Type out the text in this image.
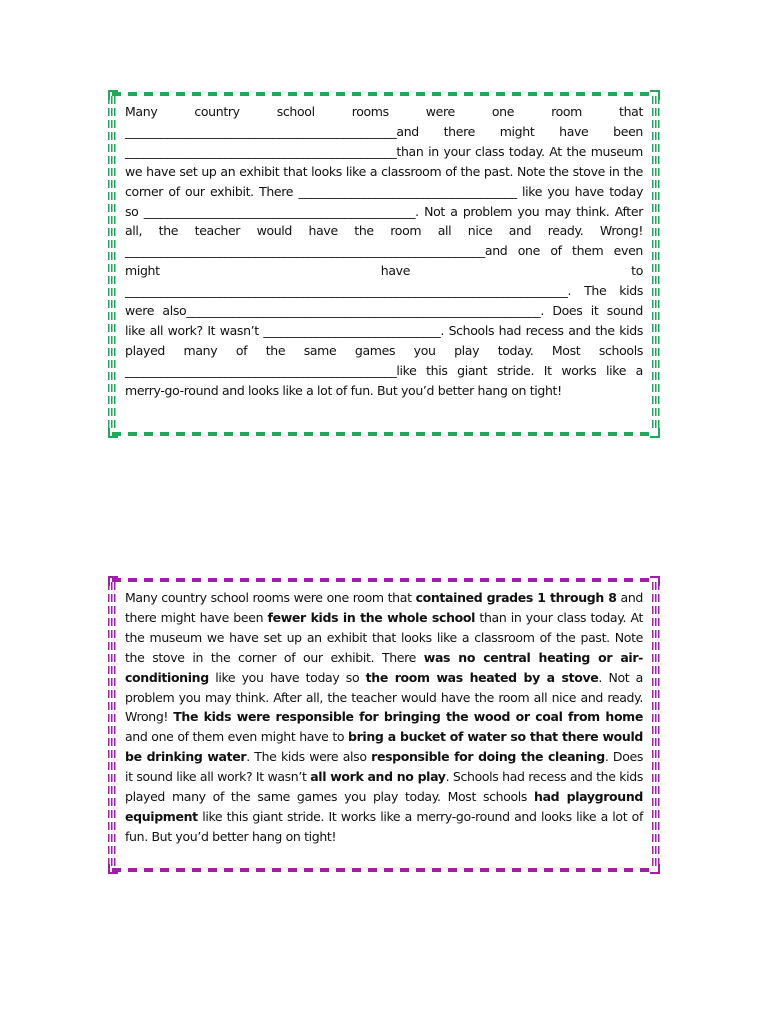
Many country school rooms were one room that ______________________________________________and there might have been ______________________________________________than in your class today. At the museum we have set up an exhibit that looks like a classroom of the past. Note the stove in the corner of our exhibit. There _____________________________________ like you have today so ______________________________________________. Not a problem you may think. After all, the teacher would have the room all nice and ready. Wrong! _____________________________________________________________and one of them even might have to ___________________________________________________________________________. The kids were also____________________________________________________________. Does it sound like all work? It wasn’t ______________________________. Schools had recess and the kids played many of the same games you play today. Most schools ______________________________________________like this giant stride. It works like a merry-go-round and looks like a lot of fun. But you’d better hang on tight!
Many country school rooms were one room that contained grades 1 through 8 and there might have been fewer kids in the whole school than in your class today. At the museum we have set up an exhibit that looks like a classroom of the past. Note the stove in the corner of our exhibit. There was no central heating or air-conditioning like you have today so the room was heated by a stove. Not a problem you may think. After all, the teacher would have the room all nice and ready. Wrong! The kids were responsible for bringing the wood or coal from home and one of them even might have to bring a bucket of water so that there would be drinking water. The kids were also responsible for doing the cleaning. Does it sound like all work? It wasn’t all work and no play. Schools had recess and the kids played many of the same games you play today. Most schools had playground equipment like this giant stride. It works like a merry-go-round and looks like a lot of fun. But you’d better hang on tight!
